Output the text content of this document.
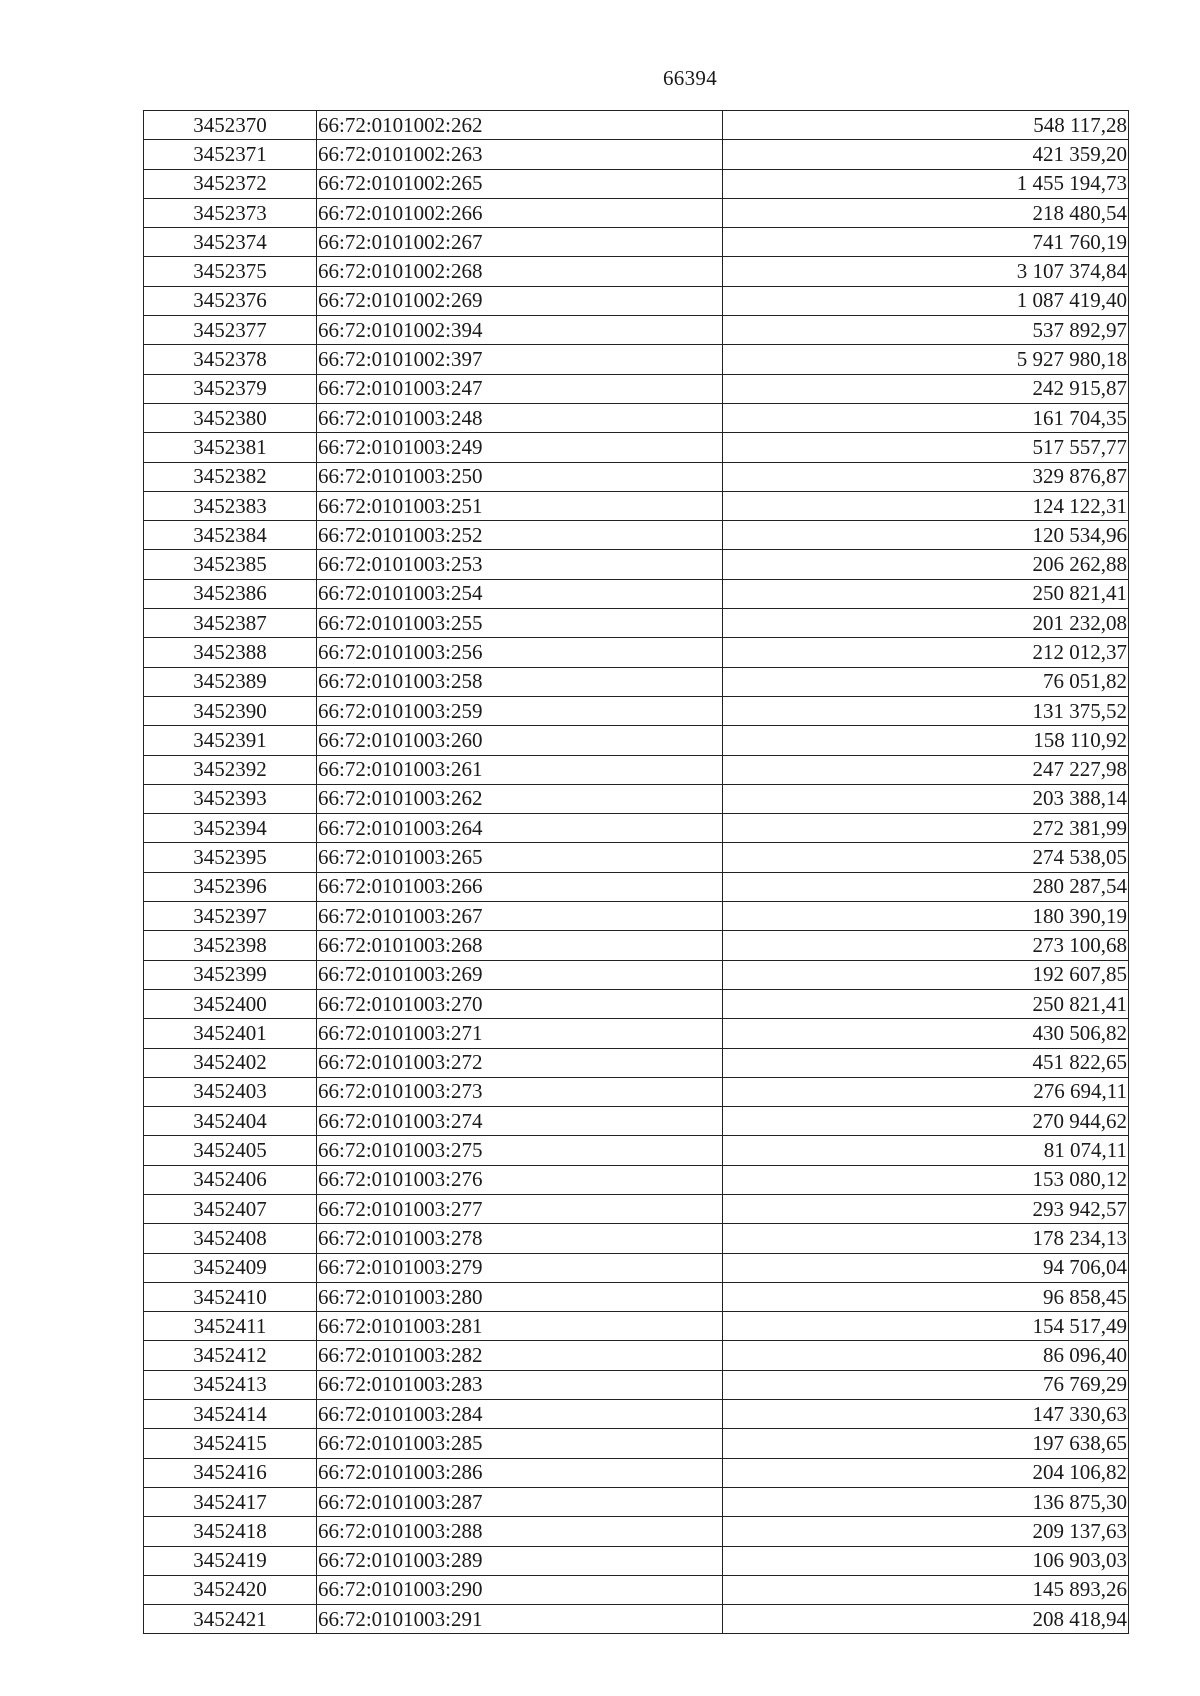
66394
3452370	66:72:0101002:262	548 117,28
3452371	66:72:0101002:263	421 359,20
3452372	66:72:0101002:265	1 455 194,73
3452373	66:72:0101002:266	218 480,54
3452374	66:72:0101002:267	741 760,19
3452375	66:72:0101002:268	3 107 374,84
3452376	66:72:0101002:269	1 087 419,40
3452377	66:72:0101002:394	537 892,97
3452378	66:72:0101002:397	5 927 980,18
3452379	66:72:0101003:247	242 915,87
3452380	66:72:0101003:248	161 704,35
3452381	66:72:0101003:249	517 557,77
3452382	66:72:0101003:250	329 876,87
3452383	66:72:0101003:251	124 122,31
3452384	66:72:0101003:252	120 534,96
3452385	66:72:0101003:253	206 262,88
3452386	66:72:0101003:254	250 821,41
3452387	66:72:0101003:255	201 232,08
3452388	66:72:0101003:256	212 012,37
3452389	66:72:0101003:258	76 051,82
3452390	66:72:0101003:259	131 375,52
3452391	66:72:0101003:260	158 110,92
3452392	66:72:0101003:261	247 227,98
3452393	66:72:0101003:262	203 388,14
3452394	66:72:0101003:264	272 381,99
3452395	66:72:0101003:265	274 538,05
3452396	66:72:0101003:266	280 287,54
3452397	66:72:0101003:267	180 390,19
3452398	66:72:0101003:268	273 100,68
3452399	66:72:0101003:269	192 607,85
3452400	66:72:0101003:270	250 821,41
3452401	66:72:0101003:271	430 506,82
3452402	66:72:0101003:272	451 822,65
3452403	66:72:0101003:273	276 694,11
3452404	66:72:0101003:274	270 944,62
3452405	66:72:0101003:275	81 074,11
3452406	66:72:0101003:276	153 080,12
3452407	66:72:0101003:277	293 942,57
3452408	66:72:0101003:278	178 234,13
3452409	66:72:0101003:279	94 706,04
3452410	66:72:0101003:280	96 858,45
3452411	66:72:0101003:281	154 517,49
3452412	66:72:0101003:282	86 096,40
3452413	66:72:0101003:283	76 769,29
3452414	66:72:0101003:284	147 330,63
3452415	66:72:0101003:285	197 638,65
3452416	66:72:0101003:286	204 106,82
3452417	66:72:0101003:287	136 875,30
3452418	66:72:0101003:288	209 137,63
3452419	66:72:0101003:289	106 903,03
3452420	66:72:0101003:290	145 893,26
3452421	66:72:0101003:291	208 418,94
